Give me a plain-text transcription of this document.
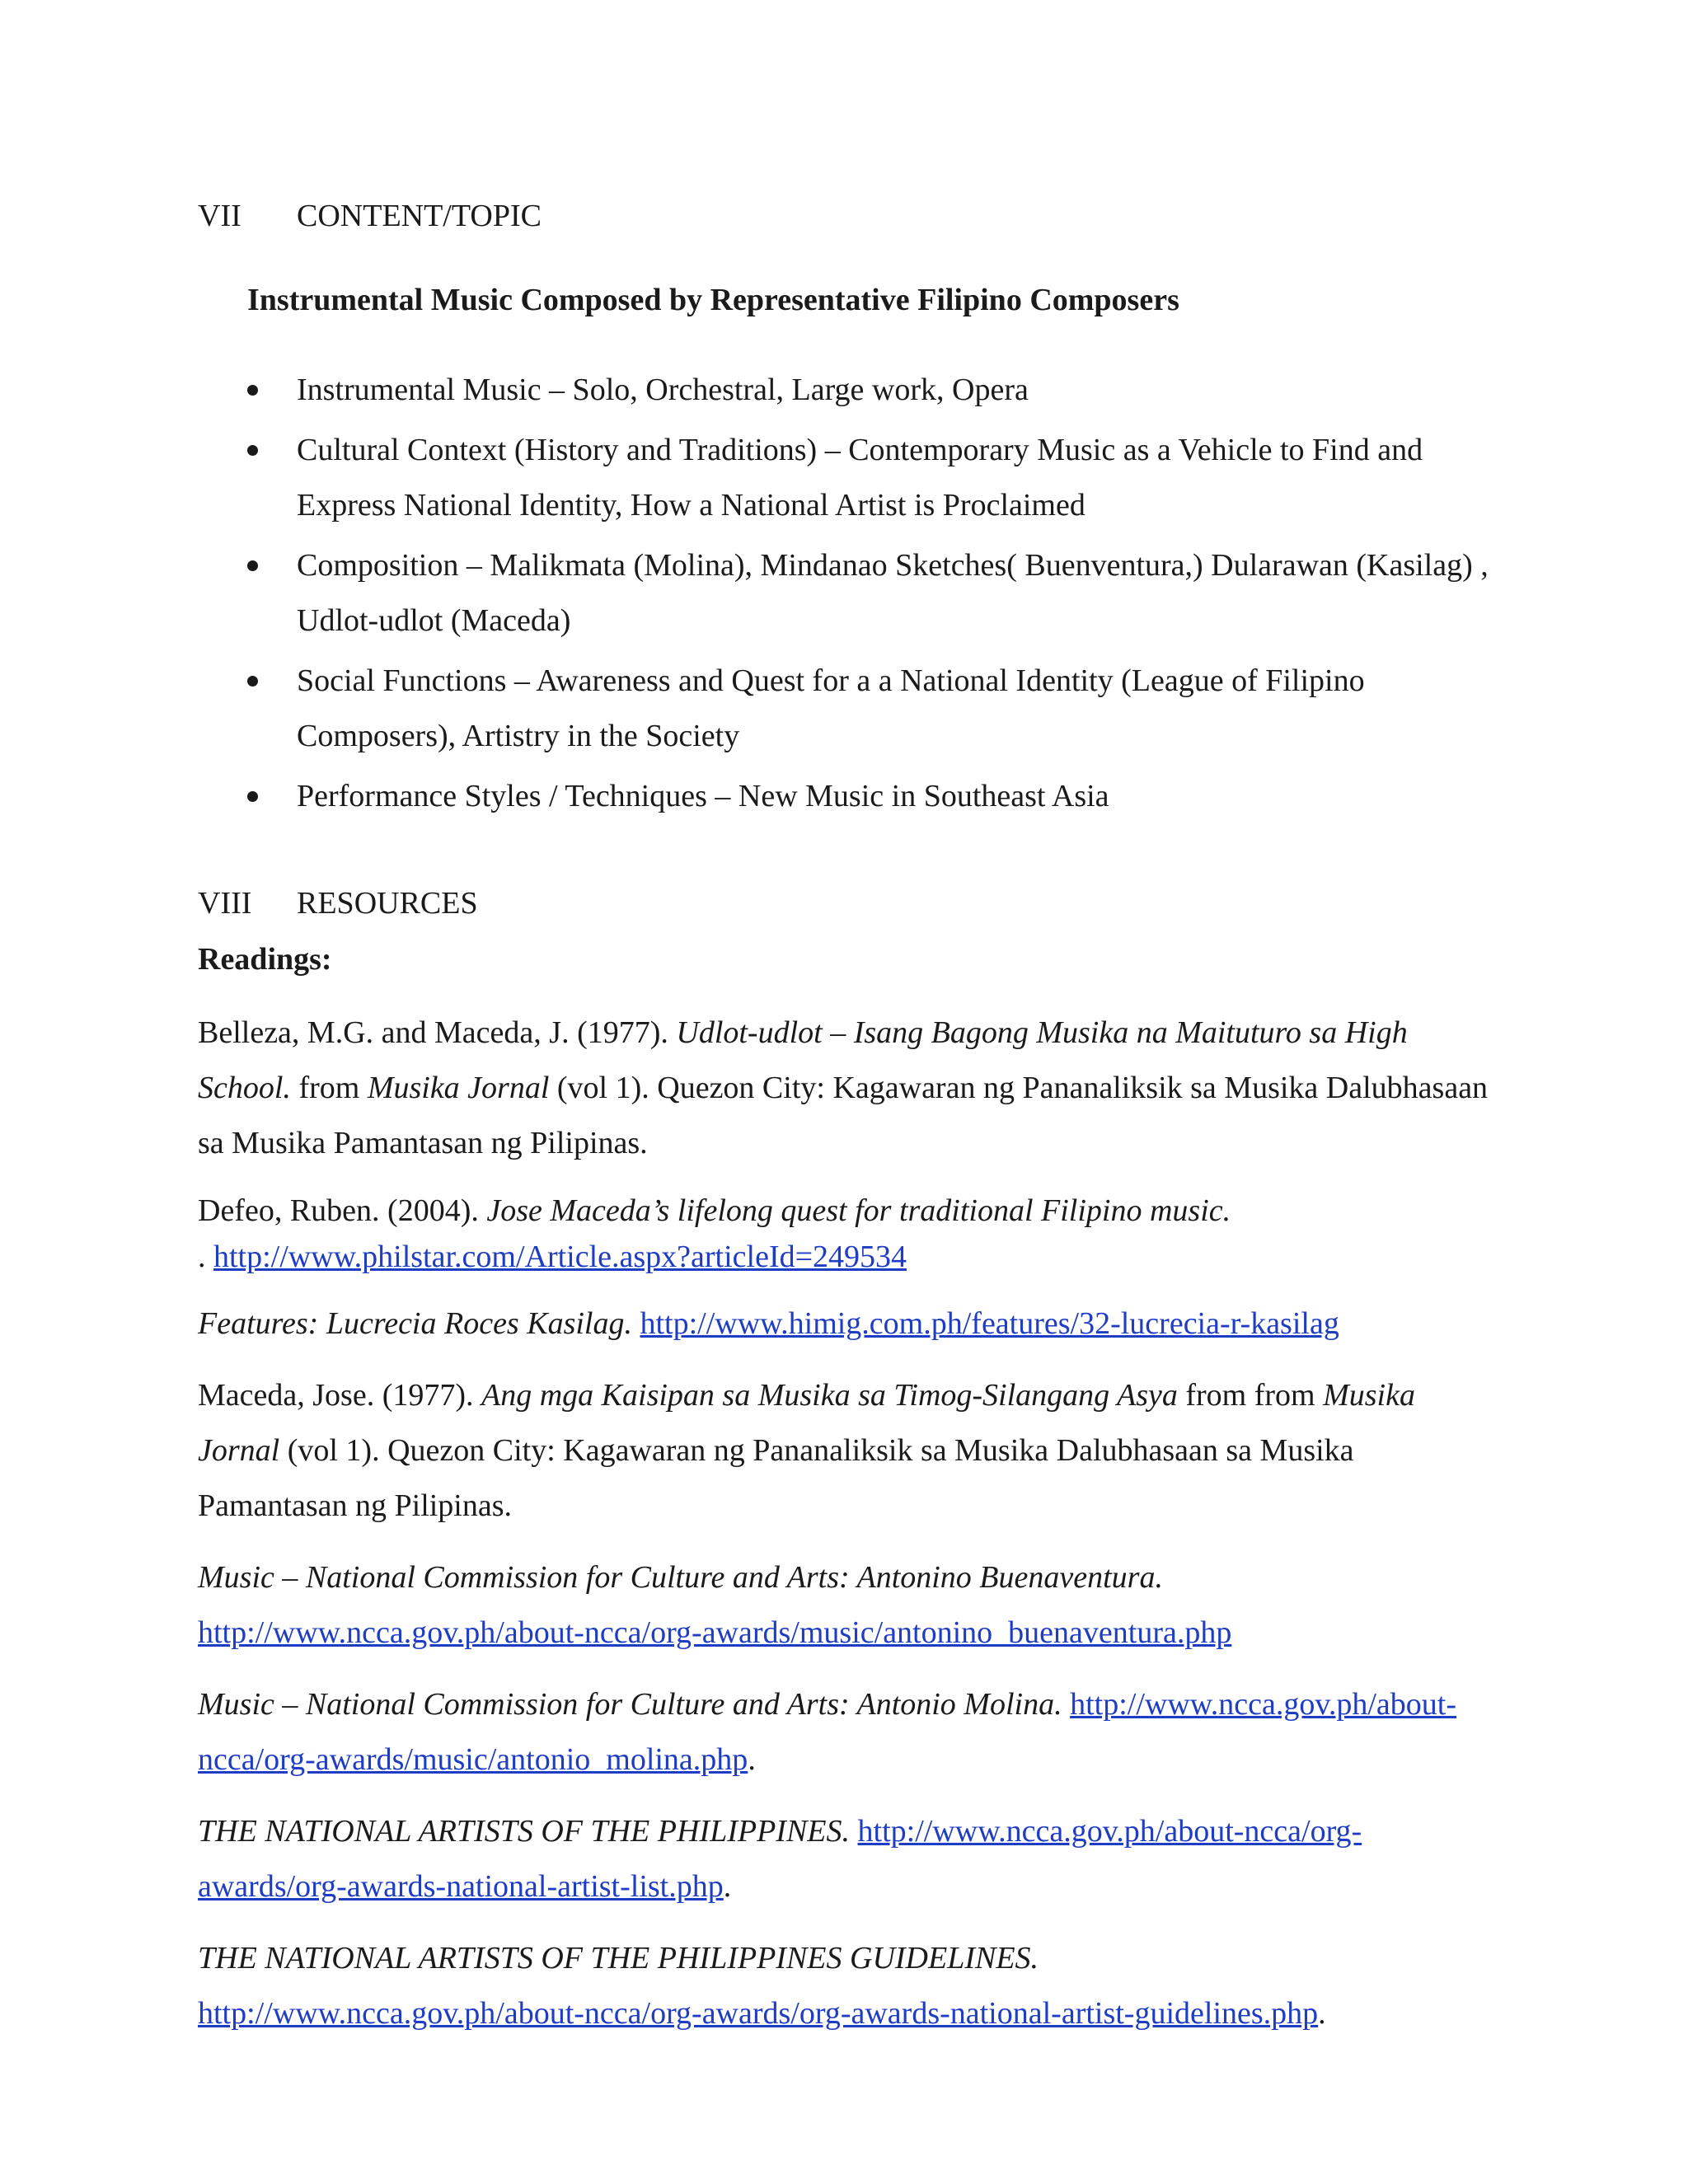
VII CONTENT/TOPIC
Instrumental Music Composed by Representative Filipino Composers
Instrumental Music – Solo, Orchestral, Large work, Opera
Cultural Context (History and Traditions) – Contemporary Music as a Vehicle to Find and Express National Identity, How a National Artist is Proclaimed
Composition – Malikmata (Molina), Mindanao Sketches( Buenventura,) Dularawan (Kasilag) , Udlot-udlot (Maceda)
Social Functions – Awareness and Quest for a a National Identity (League of Filipino Composers), Artistry in the Society
Performance Styles / Techniques – New Music in Southeast Asia
VIII RESOURCES
Readings:

Belleza, M.G. and Maceda, J. (1977). Udlot-udlot – Isang Bagong Musika na Maituturo sa High School. from Musika Jornal (vol 1). Quezon City: Kagawaran ng Pananaliksik sa Musika Dalubhasaan sa Musika Pamantasan ng Pilipinas.

Defeo, Ruben. (2004). Jose Maceda’s lifelong quest for traditional Filipino music.
. http://www.philstar.com/Article.aspx?articleId=249534

Features: Lucrecia Roces Kasilag. http://www.himig.com.ph/features/32-lucrecia-r-kasilag

Maceda, Jose. (1977). Ang mga Kaisipan sa Musika sa Timog-Silangang Asya from from Musika Jornal (vol 1). Quezon City: Kagawaran ng Pananaliksik sa Musika Dalubhasaan sa Musika Pamantasan ng Pilipinas.

Music – National Commission for Culture and Arts: Antonino Buenaventura. http://www.ncca.gov.ph/about-ncca/org-awards/music/antonino_buenaventura.php

Music – National Commission for Culture and Arts: Antonio Molina. http://www.ncca.gov.ph/about-ncca/org-awards/music/antonio_molina.php.

THE NATIONAL ARTISTS OF THE PHILIPPINES. http://www.ncca.gov.ph/about-ncca/org-awards/org-awards-national-artist-list.php.

THE NATIONAL ARTISTS OF THE PHILIPPINES GUIDELINES.
http://www.ncca.gov.ph/about-ncca/org-awards/org-awards-national-artist-guidelines.php.
